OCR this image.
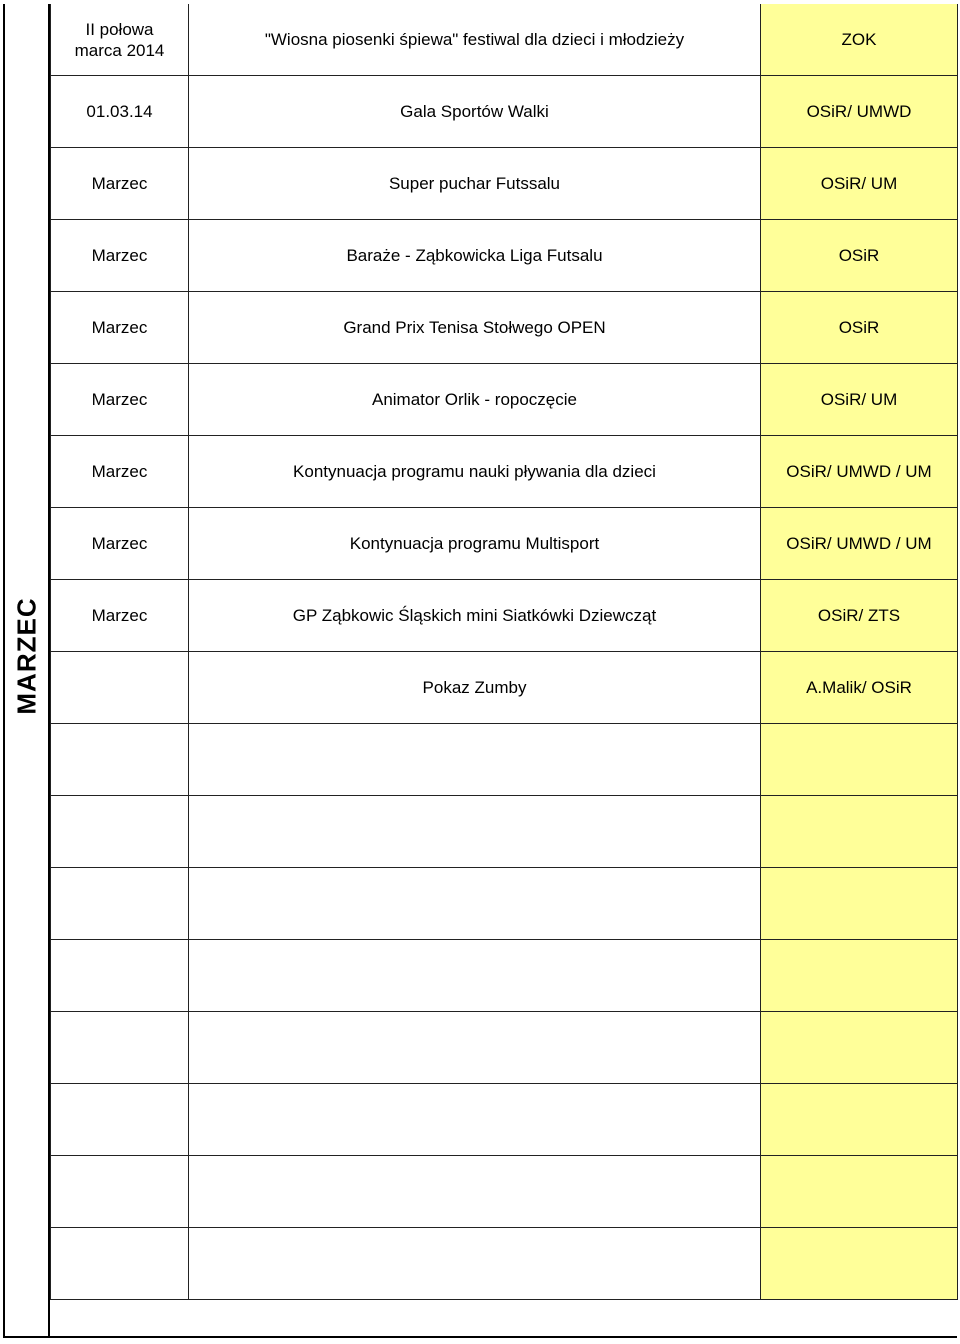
MARZEC
II połowa marca 2014	"Wiosna piosenki śpiewa" festiwal dla dzieci i młodzieży	ZOK
01.03.14	Gala Sportów Walki	OSiR/ UMWD
Marzec	Super puchar Futssalu	OSiR/ UM
Marzec	Baraże - Ząbkowicka Liga Futsalu	OSiR
Marzec	Grand Prix Tenisa Stołwego OPEN	OSiR
Marzec	Animator Orlik - ropoczęcie	OSiR/ UM
Marzec	Kontynuacja programu nauki pływania dla dzieci	OSiR/ UMWD / UM
Marzec	Kontynuacja programu Multisport	OSiR/ UMWD / UM
Marzec	GP Ząbkowic Śląskich mini Siatkówki Dziewcząt	OSiR/ ZTS
	Pokaz Zumby	A.Malik/ OSiR
